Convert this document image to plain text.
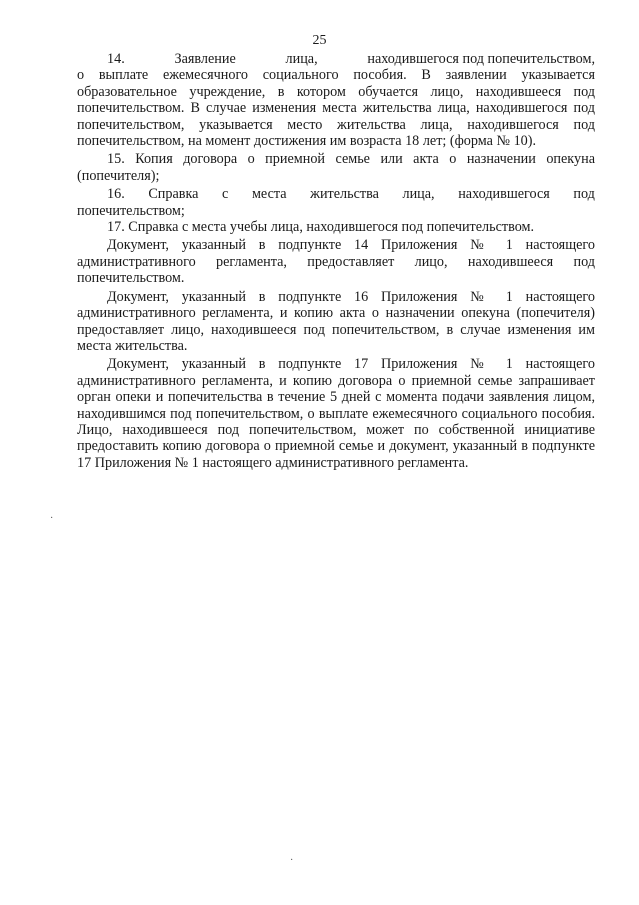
25
14.	Заявление	лица,	находившегося под попечительством,

о выплате ежемесячного социального пособия. В заявлении указывается образовательное учреждение, в котором обучается лицо, находившееся под попечительством. В случае изменения места жительства лица, находившегося под попечительством, указывается место жительства лица, находившегося под попечительством, на момент достижения им возраста 18 лет; (форма № 10).

15. Копия договора о приемной семье или акта о назначении опекуна (попечителя);

16. Справка с места жительства лица, находившегося под
попечительством;

17. Справка с места учебы лица, находившегося под попечительством.

Документ, указанный в подпункте 14 Приложения № 1 настоящего административного регламента, предоставляет лицо, находившееся под попечительством.

Документ, указанный в подпункте 16 Приложения № 1 настоящего административного регламента, и копию акта о назначении опекуна (попечителя) предоставляет лицо, находившееся под попечительством, в случае изменения им места жительства.

Документ, указанный в подпункте 17 Приложения № 1 настоящего административного регламента, и копию договора о приемной семье запрашивает орган опеки и попечительства в течение 5 дней с момента подачи заявления лицом, находившимся под попечительством, о выплате ежемесячного социального пособия. Лицо, находившееся под попечительством, может по собственной инициативе предоставить копию договора о приемной семье и документ, указанный в подпункте 17 Приложения № 1 настоящего административного регламента.

·
·
